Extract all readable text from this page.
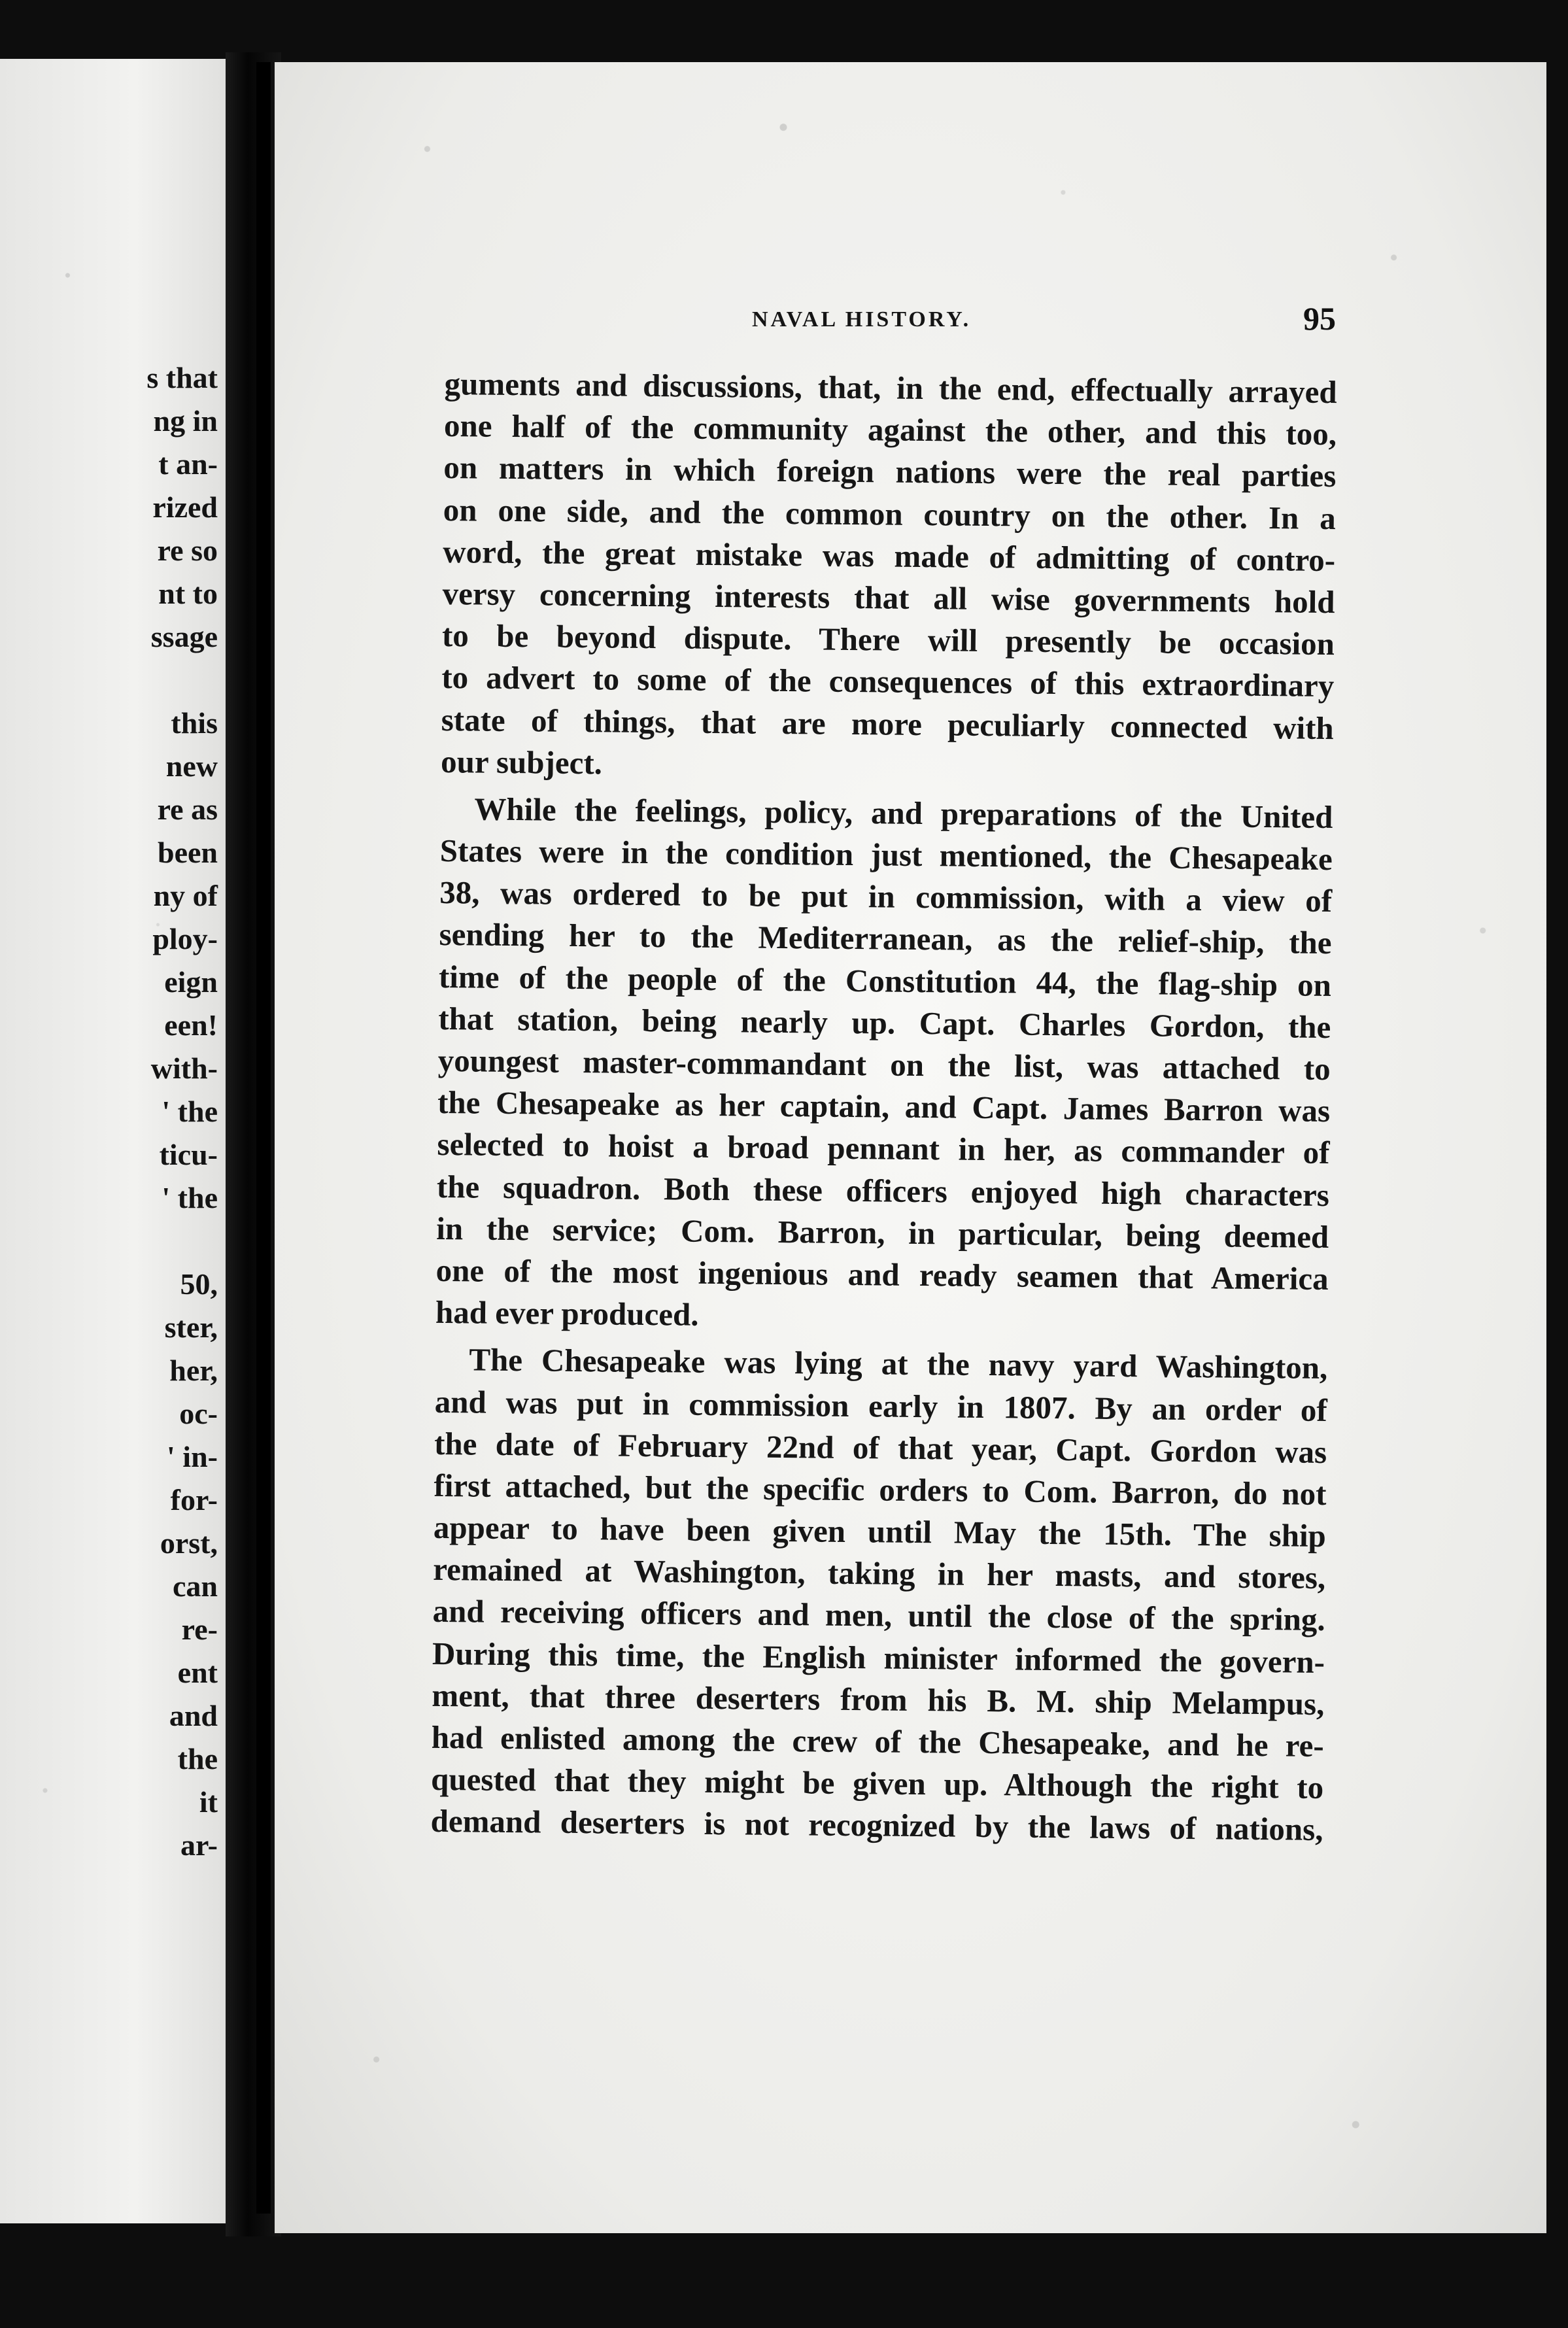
s that
ng in
t an-
rized
re so
nt to
ssage
this
new
re as
been
ny of
ploy-
eign
een!
with-
' the
ticu-
' the
50,
ster,
her,
oc-
' in-
for-
orst,
can
re-
ent
and
the
it
ar-
NAVAL HISTORY.	95
guments and discussions, that, in the end, effectually arrayed
one half of the community against the other, and this too,
on matters in which foreign nations were the real parties
on one side, and the common country on the other. In a
word, the great mistake was made of admitting of contro-
versy concerning interests that all wise governments hold
to be beyond dispute. There will presently be occasion
to advert to some of the consequences of this extraordinary
state of things, that are more peculiarly connected with
our subject.
While the feelings, policy, and preparations of the United
States were in the condition just mentioned, the Chesapeake
38, was ordered to be put in commission, with a view of
sending her to the Mediterranean, as the relief-ship, the
time of the people of the Constitution 44, the flag-ship on
that station, being nearly up. Capt. Charles Gordon, the
youngest master-commandant on the list, was attached to
the Chesapeake as her captain, and Capt. James Barron was
selected to hoist a broad pennant in her, as commander of
the squadron. Both these officers enjoyed high characters
in the service; Com. Barron, in particular, being deemed
one of the most ingenious and ready seamen that America
had ever produced.
The Chesapeake was lying at the navy yard Washington,
and was put in commission early in 1807. By an order of
the date of February 22nd of that year, Capt. Gordon was
first attached, but the specific orders to Com. Barron, do not
appear to have been given until May the 15th. The ship
remained at Washington, taking in her masts, and stores,
and receiving officers and men, until the close of the spring.
During this time, the English minister informed the govern-
ment, that three deserters from his B. M. ship Melampus,
had enlisted among the crew of the Chesapeake, and he re-
quested that they might be given up. Although the right to
demand deserters is not recognized by the laws of nations,
